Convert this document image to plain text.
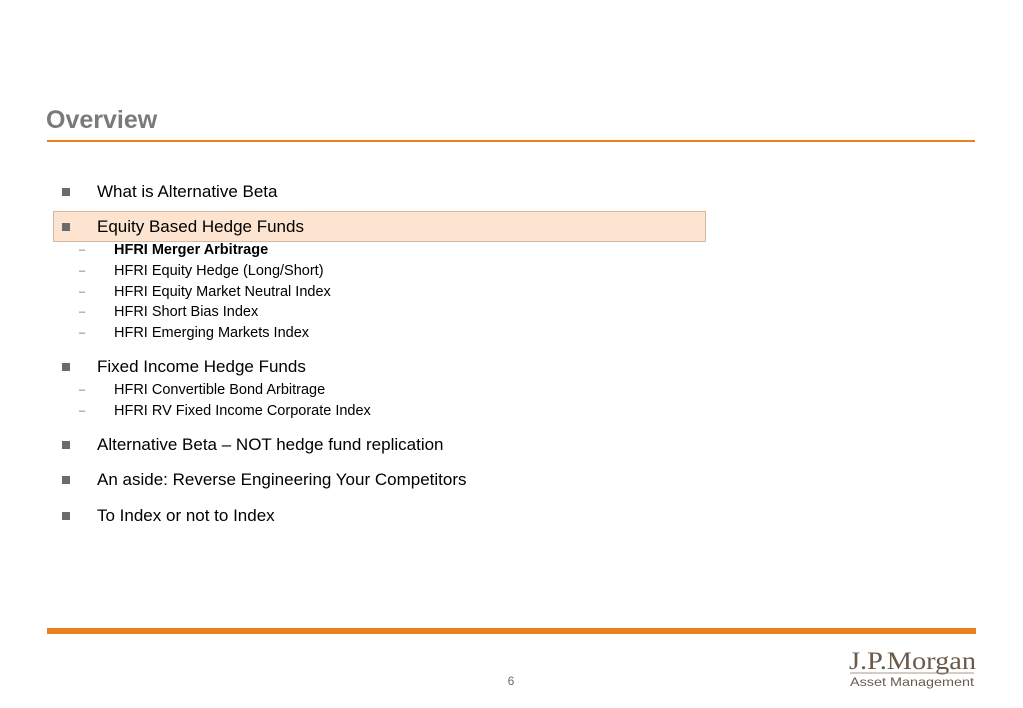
Overview
What is Alternative Beta
Equity Based Hedge Funds
– HFRI Merger Arbitrage
– HFRI Equity Hedge (Long/Short)
– HFRI Equity Market Neutral Index
– HFRI Short Bias Index
– HFRI Emerging Markets Index
Fixed Income Hedge Funds
– HFRI Convertible Bond Arbitrage
– HFRI RV Fixed Income Corporate Index
Alternative Beta – NOT hedge fund replication
An aside: Reverse Engineering Your Competitors
To Index or not to Index
6
J.P.Morgan
Asset Management
